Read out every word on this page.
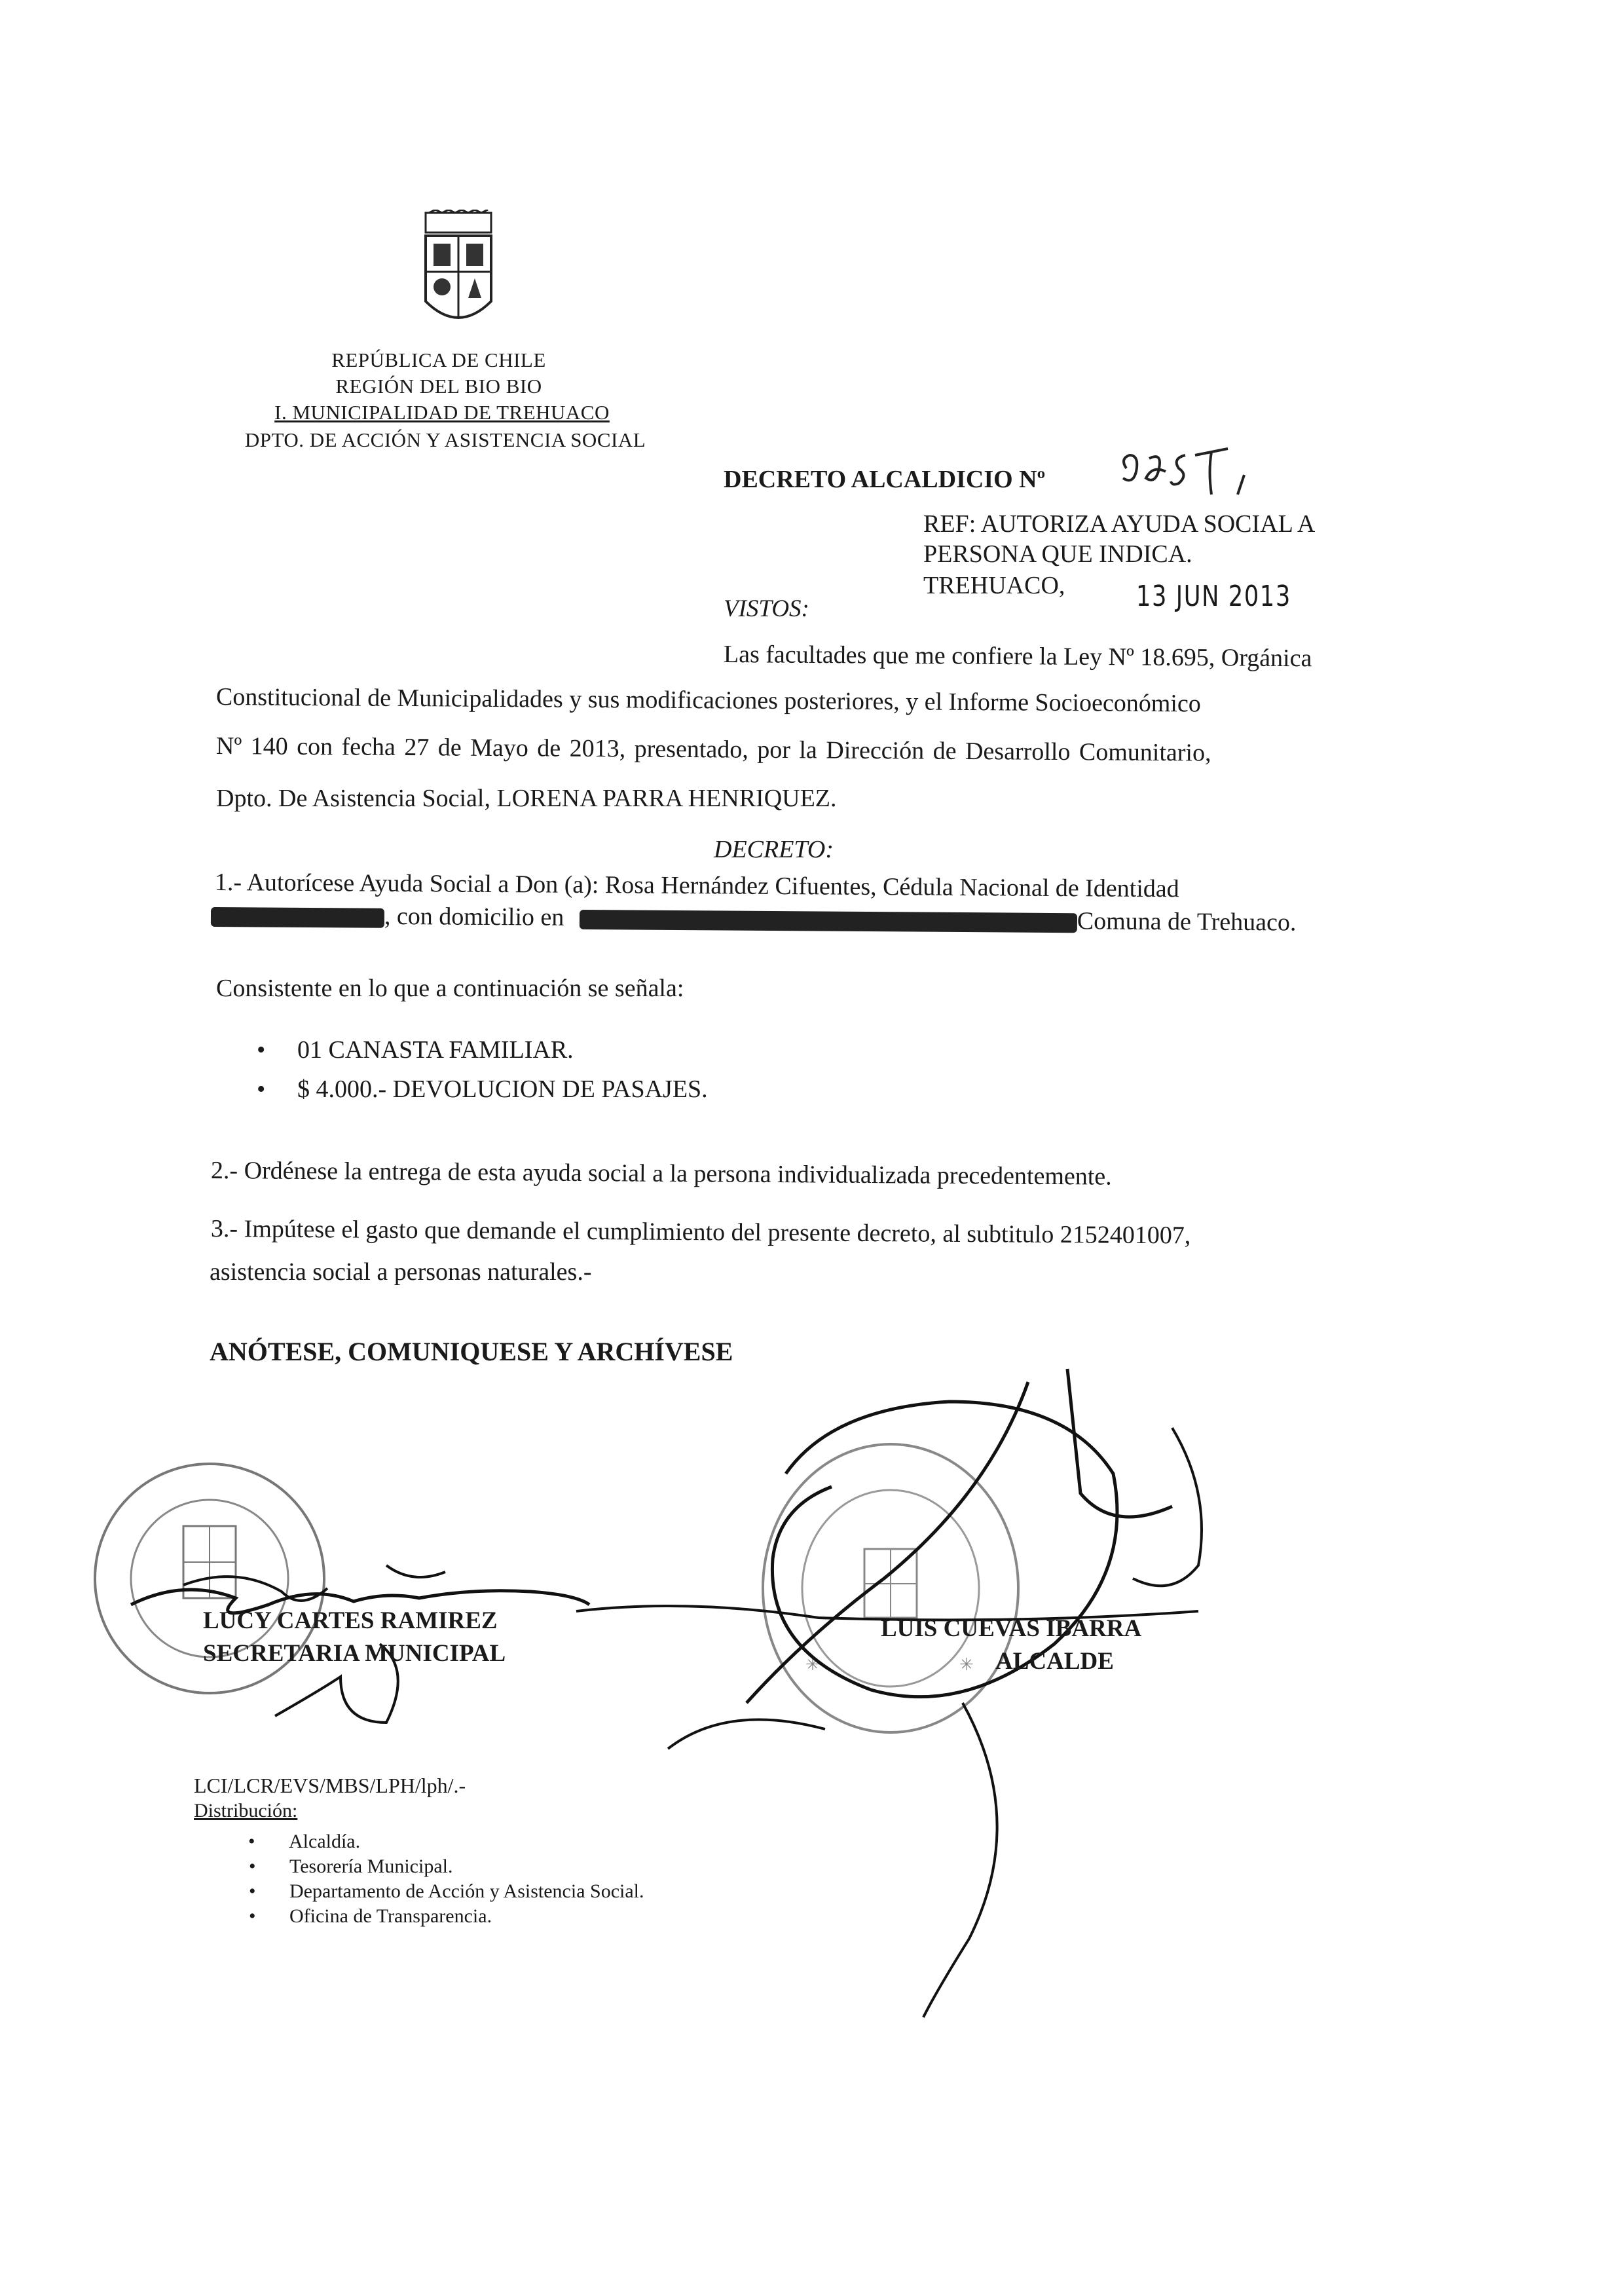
REPÚBLICA DE CHILE
REGIÓN DEL BIO BIO
I. MUNICIPALIDAD DE TREHUACO
DPTO. DE ACCIÓN Y ASISTENCIA SOCIAL
DECRETO ALCALDICIO Nº
REF: AUTORIZA AYUDA SOCIAL A
PERSONA QUE INDICA.
TREHUACO, 13 JUN 2013
VISTOS:
Las facultades que me confiere la Ley Nº 18.695, Orgánica
Constitucional de Municipalidades y sus modificaciones posteriores, y el Informe Socioeconómico
Nº 140 con fecha 27 de Mayo de 2013, presentado, por la Dirección de Desarrollo Comunitario,
Dpto. De Asistencia Social, LORENA PARRA HENRIQUEZ.
DECRETO:
1.- Autorícese Ayuda Social a Don (a): Rosa Hernández Cifuentes, Cédula Nacional de Identidad
, con domicilio en	Comuna de Trehuaco.
Consistente en lo que a continuación se señala:
• 01 CANASTA FAMILIAR.
• $ 4.000.- DEVOLUCION DE PASAJES.
2.- Ordénese la entrega de esta ayuda social a la persona individualizada precedentemente.
3.- Impútese el gasto que demande el cumplimiento del presente decreto, al subtitulo 2152401007,
asistencia social a personas naturales.-
ANÓTESE, COMUNIQUESE Y ARCHÍVESE
✳	✳
LUCY CARTES RAMIREZ
SECRETARIA MUNICIPAL
LUIS CUEVAS IBARRA
ALCALDE
LCI/LCR/EVS/MBS/LPH/lph/.-
Distribución:
• Alcaldía.
• Tesorería Municipal.
• Departamento de Acción y Asistencia Social.
• Oficina de Transparencia.
